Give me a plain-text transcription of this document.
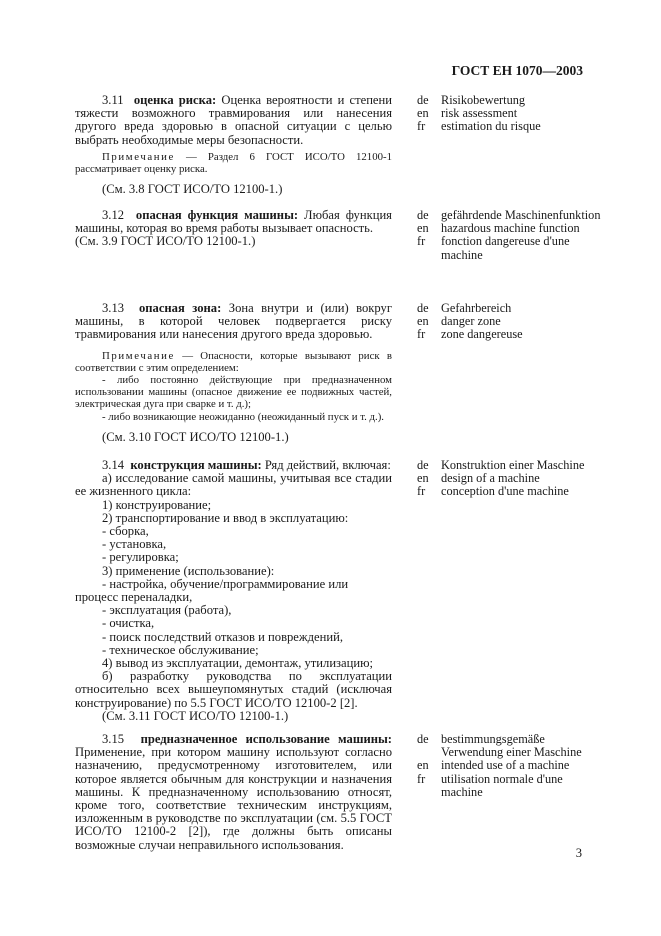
ГОСТ ЕН 1070—2003

3.11 оценка риска: Оценка вероятности и степени тяжести возможного травмирования или нанесения другого вреда здоровью в опасной ситуации с целью выбрать необходимые меры безопасности.

Примечание — Раздел 6 ГОСТ ИСО/ТО 12100-1 рассматривает оценку риска.

(См. 3.8 ГОСТ ИСО/ТО 12100-1.)

de	Risikobewertung
en	risk assessment
fr	estimation du risque

3.12 опасная функция машины: Любая функция машины, которая во время работы вызывает опасность.

(См. 3.9 ГОСТ ИСО/ТО 12100-1.)

de	gefährdende Maschinenfunktion
en	hazardous machine function
fr	fonction dangereuse d'une machine

3.13 опасная зона: Зона внутри и (или) вокруг машины, в которой человек подвергается риску травмирования или нанесения другого вреда здоровью.

Примечание — Опасности, которые вызывают риск в соответствии с этим определением:

- либо постоянно действующие при предназначенном использовании машины (опасное движение ее подвижных частей, электрическая дуга при сварке и т. д.);

- либо возникающие неожиданно (неожиданный пуск и т. д.).

(См. 3.10 ГОСТ ИСО/ТО 12100-1.)

de	Gefahrbereich
en	danger zone
fr	zone dangereuse

3.14 конструкция машины: Ряд действий, включая:

а) исследование самой машины, учитывая все стадии ее жизненного цикла:

1) конструирование;

2) транспортирование и ввод в эксплуатацию:

- сборка,

- установка,

- регулировка;

3) применение (использование):

- настройка, обучение/программирование или процесс переналадки,

- эксплуатация (работа),

- очистка,

- поиск последствий отказов и повреждений,

- техническое обслуживание;

4) вывод из эксплуатации, демонтаж, утилизацию;

б) разработку руководства по эксплуатации относительно всех вышеупомянутых стадий (исключая конструирование) по 5.5 ГОСТ ИСО/ТО 12100-2 [2].

(См. 3.11 ГОСТ ИСО/ТО 12100-1.)

de	Konstruktion einer Maschine
en	design of a machine
fr	conception d'une machine

3.15 предназначенное использование машины: Применение, при котором машину используют согласно назначению, предусмотренному изготовителем, или которое является обычным для конструкции и назначения машины. К предназначенному использованию относят, кроме того, соответствие техническим инструкциям, изложенным в руководстве по эксплуатации (см. 5.5 ГОСТ ИСО/ТО 12100-2 [2]), где должны быть описаны возможные случаи неправильного использования.

de	bestimmungsgemäße Verwendung einer Maschine
en	intended use of a machine
fr	utilisation normale d'une machine
3
